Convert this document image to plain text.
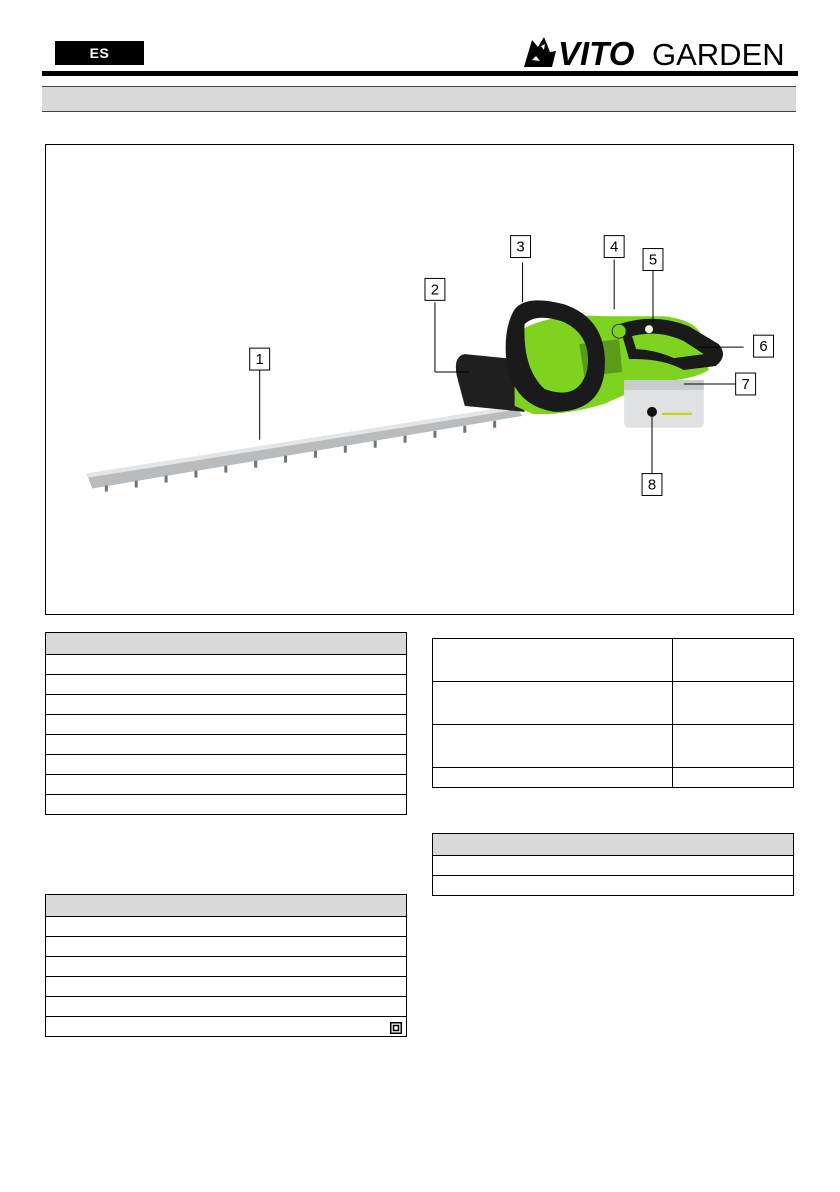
ES	VITO GARDEN
1
2
3	4
5
6
7
8
